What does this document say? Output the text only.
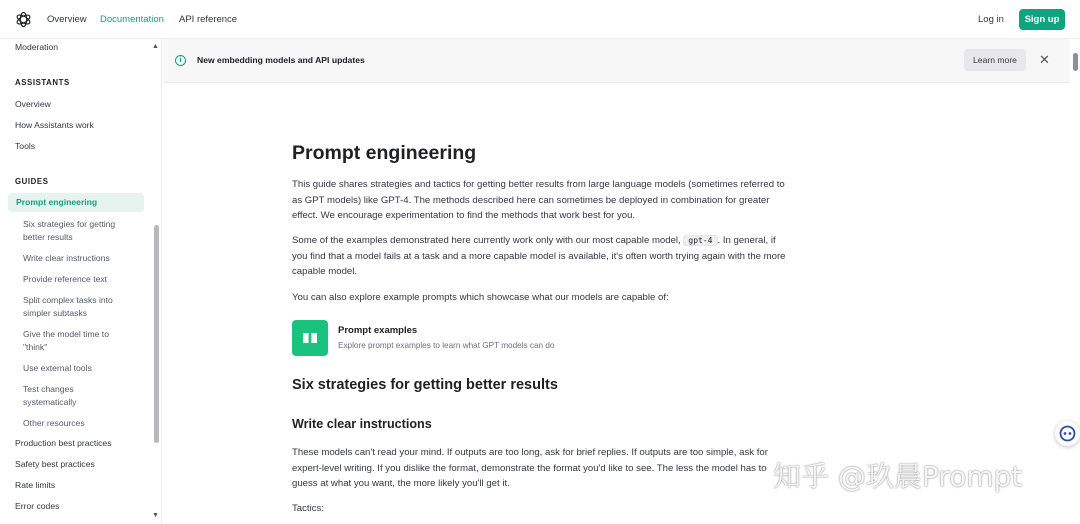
Overview Documentation API reference	Log in	Sign up
Moderation	▲
ASSISTANTS
Overview
How Assistants work
Tools
GUIDES
Prompt engineering
Six strategies for getting
better results
Write clear instructions
Provide reference text
Split complex tasks into
simpler subtasks
Give the model time to
"think"
Use external tools
Test changes
systematically
Other resources
Production best practices
Safety best practices
Rate limits
Error codes
▼
i	New embedding models and API updates	Learn more	✕
Prompt engineering

This guide shares strategies and tactics for getting better results from large language models (sometimes referred to as GPT models) like GPT-4. The methods described here can sometimes be deployed in combination for greater effect. We encourage experimentation to find the methods that work best for you.

Some of the examples demonstrated here currently work only with our most capable model, gpt-4 . In general, if you find that a model fails at a task and a more capable model is available, it's often worth trying again with the more capable model.

You can also explore example prompts which showcase what our models are capable of:

Prompt examples
Explore prompt examples to learn what GPT models can do
Six strategies for getting better results
Write clear instructions

These models can't read your mind. If outputs are too long, ask for brief replies. If outputs are too simple, ask for expert-level writing. If you dislike the format, demonstrate the format you'd like to see. The less the model has to guess at what you want, the more likely you'll get it.

Tactics:

知乎 @玖晨Prompt
